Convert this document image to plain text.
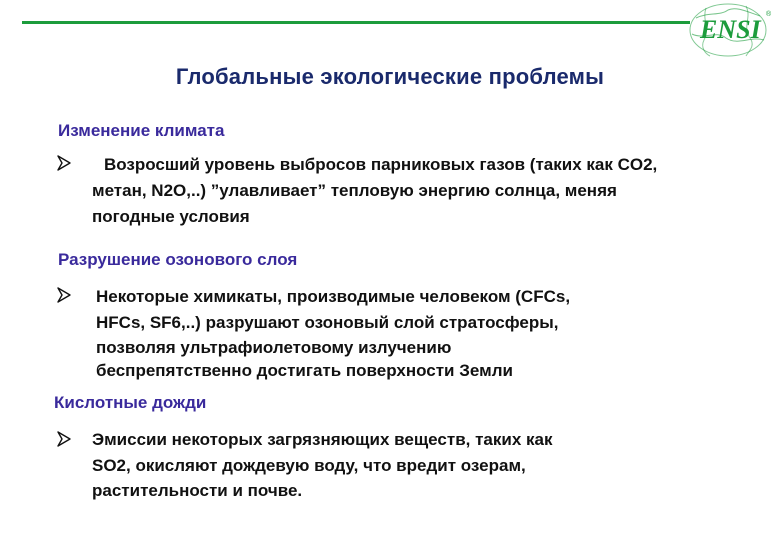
ENSI
®
Глобальные экологические проблемы
Изменение климата
Возросший уровень выбросов парниковых газов (таких как CO2,
метан, N2O,..) ”улавливает” тепловую энергию солнца, меняя
погодные условия
Разрушение озонового слоя
Некоторые химикаты, производимые человеком (CFCs,
HFCs, SF6,..) разрушают озоновый слой стратосферы,
позволяя ультрафиолетовому излучению
беспрепятственно достигать поверхности Земли
Кислотные дожди
Эмиссии некоторых загрязняющих веществ, таких как
SO2, окисляют дождевую воду, что вредит озерам,
растительности и почве.
